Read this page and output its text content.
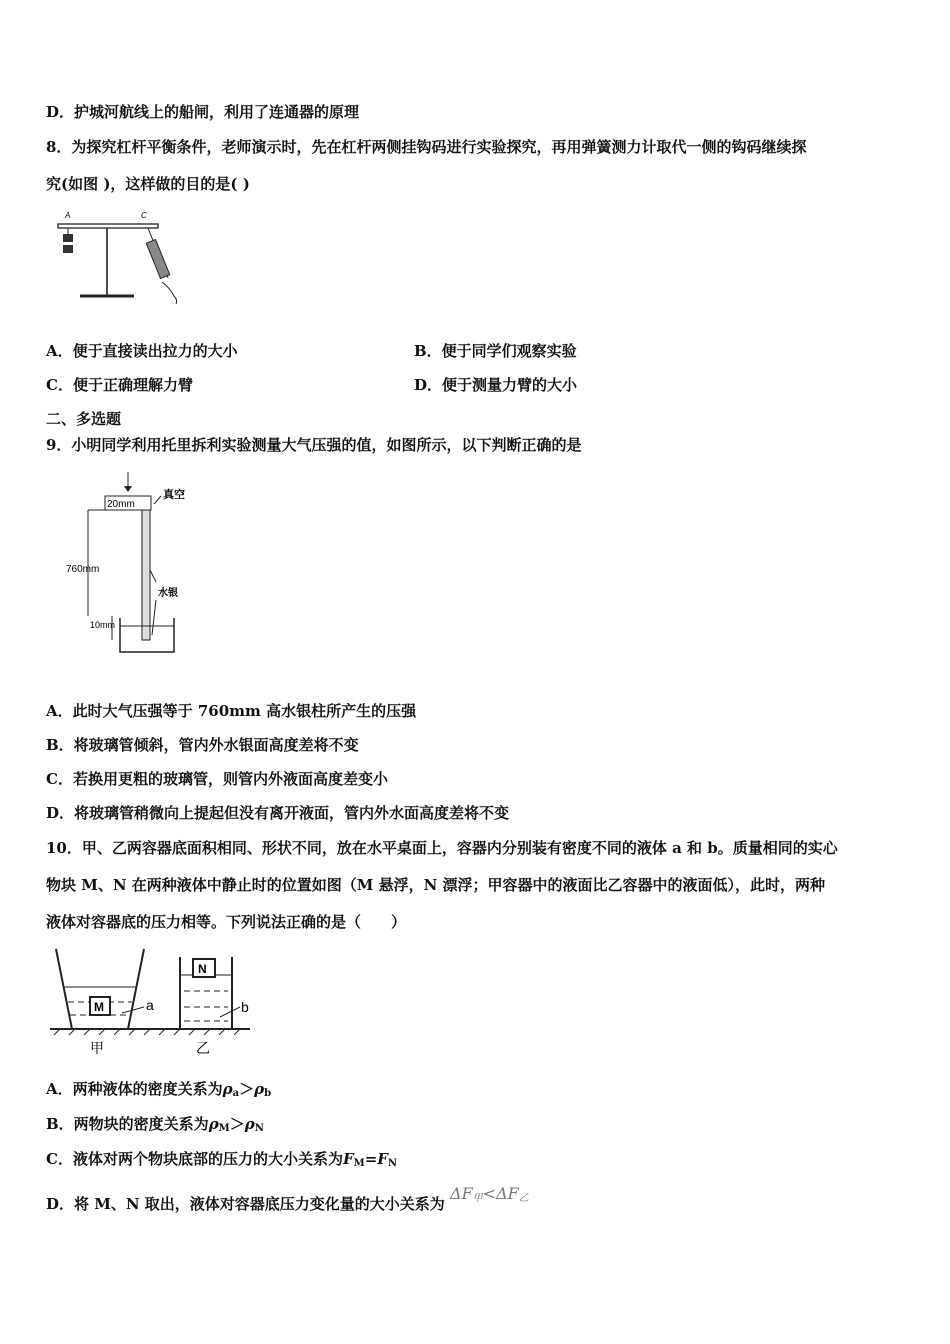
D．护城河航线上的船闸，利用了连通器的原理
8．为探究杠杆平衡条件，老师演示时，先在杠杆两侧挂钩码进行实验探究，再用弹簧测力计取代一侧的钩码继续探
究(如图 )，这样做的目的是( )
A	C
A．便于直接读出拉力的大小	B．便于同学们观察实验
C．便于正确理解力臂	D．便于测量力臂的大小
二、多选题
9．小明同学利用托里拆利实验测量大气压强的值，如图所示，以下判断正确的是
20mm
真空
760mm
水银
10mm
A．此时大气压强等于 760mm 高水银柱所产生的压强
B．将玻璃管倾斜，管内外水银面高度差将不变
C．若换用更粗的玻璃管，则管内外液面高度差变小
D．将玻璃管稍微向上提起但没有离开液面，管内外水面高度差将不变
10．甲、乙两容器底面积相同、形状不同，放在水平桌面上，容器内分别装有密度不同的液体 a 和 b。质量相同的实心
物块 M、N 在两种液体中静止时的位置如图（M 悬浮，N 漂浮；甲容器中的液面比乙容器中的液面低），此时，两种
液体对容器底的压力相等。下列说法正确的是（　　）
M	a
N
b
甲	乙
A．两种液体的密度关系为$\rho_a>\rho_b$
B．两物块的密度关系为$\rho_M>\rho_N$
C．液体对两个物块底部的压力的大小关系为$F_M=F_N$
D．将 M、N 取出，液体对容器底压力变化量的大小关系为 $\Delta F_甲<\Delta F_乙$
